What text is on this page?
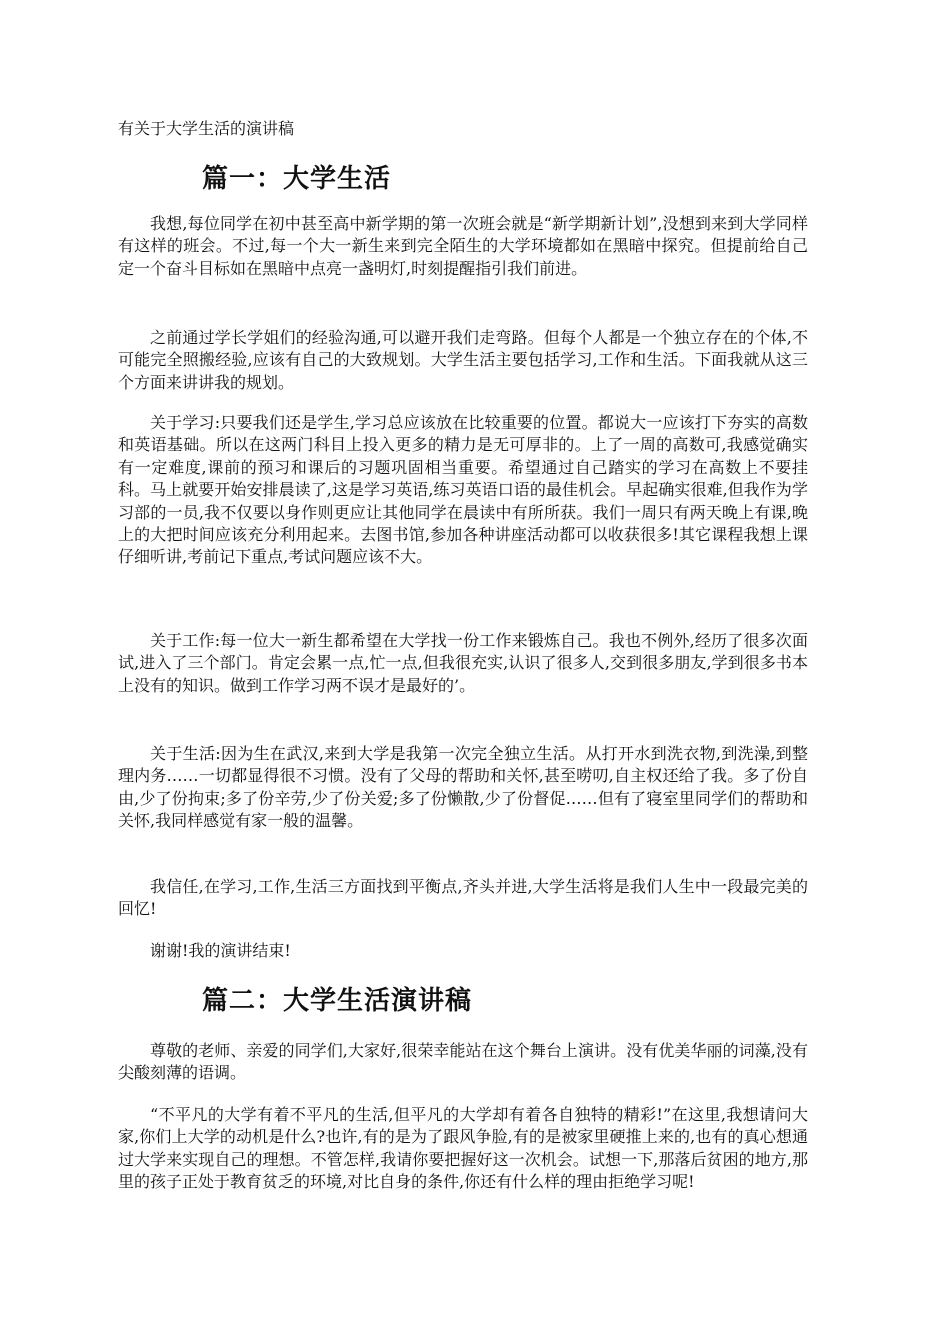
有关于大学生活的演讲稿
篇一：大学生活

我想,每位同学在初中甚至高中新学期的第一次班会就是“新学期新计划”,没想到来到大学同样有这样的班会。不过,每一个大一新生来到完全陌生的大学环境都如在黑暗中探究。但提前给自己定一个奋斗目标如在黑暗中点亮一盏明灯,时刻提醒指引我们前进。

之前通过学长学姐们的经验沟通,可以避开我们走弯路。但每个人都是一个独立存在的个体,不可能完全照搬经验,应该有自己的大致规划。大学生活主要包括学习,工作和生活。下面我就从这三个方面来讲讲我的规划。

关于学习:只要我们还是学生,学习总应该放在比较重要的位置。都说大一应该打下夯实的高数和英语基础。所以在这两门科目上投入更多的精力是无可厚非的。上了一周的高数可,我感觉确实有一定难度,课前的预习和课后的习题巩固相当重要。希望通过自己踏实的学习在高数上不要挂科。马上就要开始安排晨读了,这是学习英语,练习英语口语的最佳机会。早起确实很难,但我作为学习部的一员,我不仅要以身作则更应让其他同学在晨读中有所所获。我们一周只有两天晚上有课,晚上的大把时间应该充分利用起来。去图书馆,参加各种讲座活动都可以收获很多!其它课程我想上课仔细听讲,考前记下重点,考试问题应该不大。

关于工作:每一位大一新生都希望在大学找一份工作来锻炼自己。我也不例外,经历了很多次面试,进入了三个部门。肯定会累一点,忙一点,但我很充实,认识了很多人,交到很多朋友,学到很多书本上没有的知识。做到工作学习两不误才是最好的’。

关于生活:因为生在武汉,来到大学是我第一次完全独立生活。从打开水到洗衣物,到洗澡,到整理内务……一切都显得很不习惯。没有了父母的帮助和关怀,甚至唠叨,自主权还给了我。多了份自由,少了份拘束;多了份辛劳,少了份关爱;多了份懒散,少了份督促……但有了寝室里同学们的帮助和关怀,我同样感觉有家一般的温馨。

我信任,在学习,工作,生活三方面找到平衡点,齐头并进,大学生活将是我们人生中一段最完美的回忆!

谢谢!我的演讲结束!

篇二：大学生活演讲稿

尊敬的老师、亲爱的同学们,大家好,很荣幸能站在这个舞台上演讲。没有优美华丽的词藻,没有尖酸刻薄的语调。

“不平凡的大学有着不平凡的生活,但平凡的大学却有着各自独特的精彩!”在这里,我想请问大家,你们上大学的动机是什么?也许,有的是为了跟风争脸,有的是被家里硬推上来的,也有的真心想通过大学来实现自己的理想。不管怎样,我请你要把握好这一次机会。试想一下,那落后贫困的地方,那里的孩子正处于教育贫乏的环境,对比自身的条件,你还有什么样的理由拒绝学习呢!
